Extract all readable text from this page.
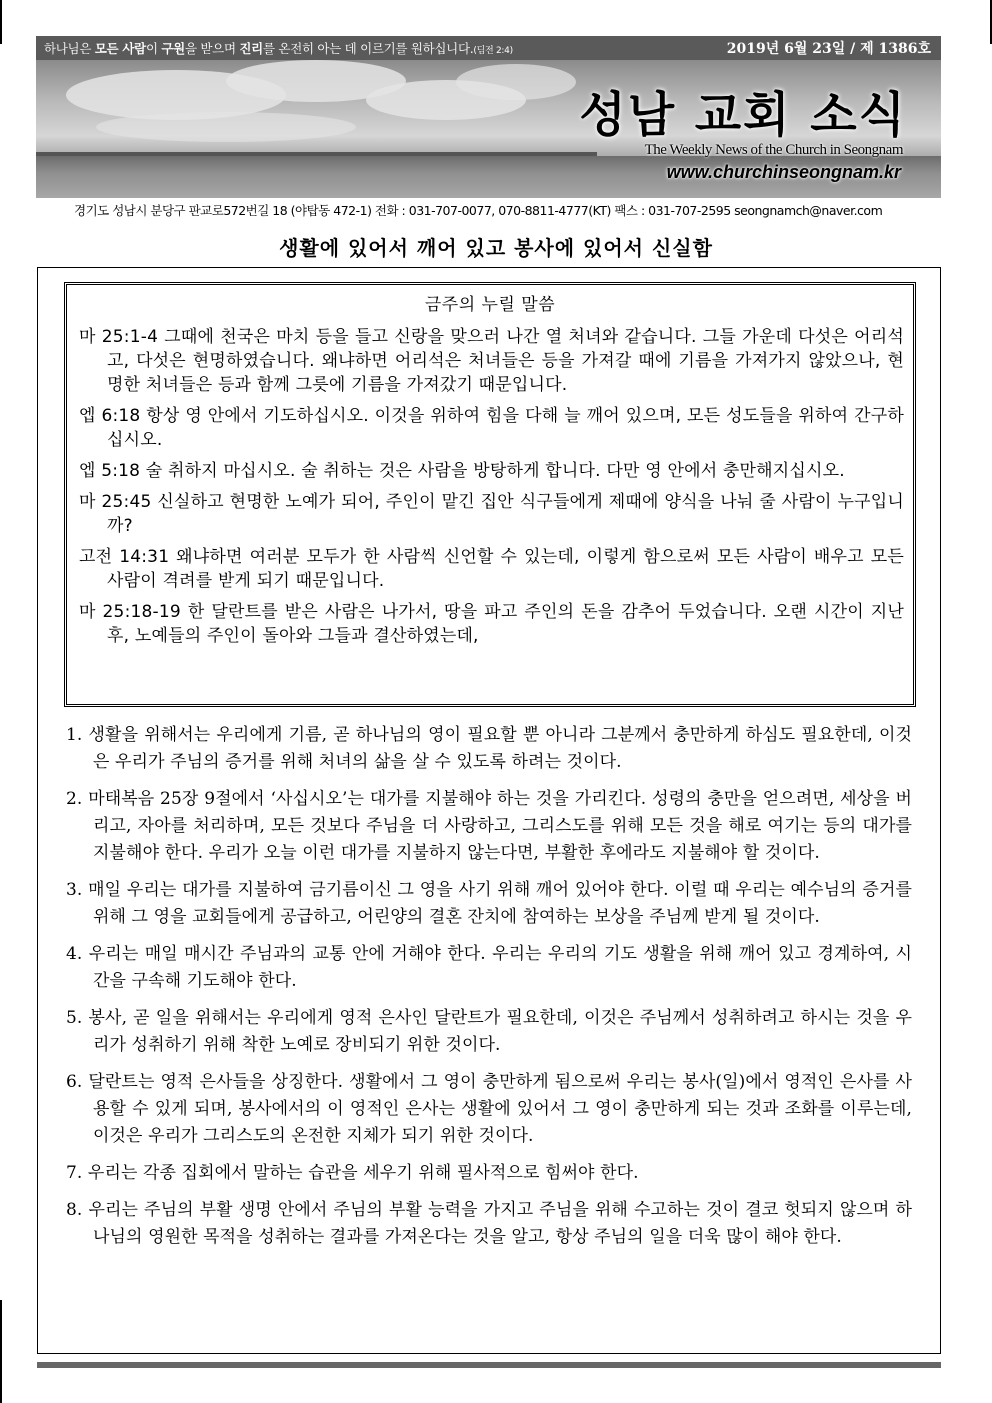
하나님은 모든 사람이 구원을 받으며 진리를 온전히 아는 데 이르기를 원하십니다.(딤전 2:4)	2019년 6월 23일 / 제 1386호
성남 교회 소식
The Weekly News of the Church in Seongnam
www.churchinseongnam.kr
경기도 성남시 분당구 판교로572번길 18 (야탑동 472-1) 전화 : 031-707-0077, 070-8811-4777(KT) 팩스 : 031-707-2595 seongnamch@naver.com
생활에 있어서 깨어 있고 봉사에 있어서 신실함
금주의 누릴 말씀
마 25:1-4 그때에 천국은 마치 등을 들고 신랑을 맞으러 나간 열 처녀와 같습니다. 그들 가운데 다섯은 어리석고, 다섯은 현명하였습니다. 왜냐하면 어리석은 처녀들은 등을 가져갈 때에 기름을 가져가지 않았으나, 현명한 처녀들은 등과 함께 그릇에 기름을 가져갔기 때문입니다.
엡 6:18 항상 영 안에서 기도하십시오. 이것을 위하여 힘을 다해 늘 깨어 있으며, 모든 성도들을 위하여 간구하십시오.
엡 5:18 술 취하지 마십시오. 술 취하는 것은 사람을 방탕하게 합니다. 다만 영 안에서 충만해지십시오.
마 25:45 신실하고 현명한 노예가 되어, 주인이 맡긴 집안 식구들에게 제때에 양식을 나눠 줄 사람이 누구입니까?
고전 14:31 왜냐하면 여러분 모두가 한 사람씩 신언할 수 있는데, 이렇게 함으로써 모든 사람이 배우고 모든 사람이 격려를 받게 되기 때문입니다.
마 25:18-19 한 달란트를 받은 사람은 나가서, 땅을 파고 주인의 돈을 감추어 두었습니다. 오랜 시간이 지난 후, 노예들의 주인이 돌아와 그들과 결산하였는데,
1. 생활을 위해서는 우리에게 기름, 곧 하나님의 영이 필요할 뿐 아니라 그분께서 충만하게 하심도 필요한데, 이것은 우리가 주님의 증거를 위해 처녀의 삶을 살 수 있도록 하려는 것이다.
2. 마태복음 25장 9절에서 ‘사십시오’는 대가를 지불해야 하는 것을 가리킨다. 성령의 충만을 얻으려면, 세상을 버리고, 자아를 처리하며, 모든 것보다 주님을 더 사랑하고, 그리스도를 위해 모든 것을 해로 여기는 등의 대가를 지불해야 한다. 우리가 오늘 이런 대가를 지불하지 않는다면, 부활한 후에라도 지불해야 할 것이다.
3. 매일 우리는 대가를 지불하여 금기름이신 그 영을 사기 위해 깨어 있어야 한다. 이럴 때 우리는 예수님의 증거를 위해 그 영을 교회들에게 공급하고, 어린양의 결혼 잔치에 참여하는 보상을 주님께 받게 될 것이다.
4. 우리는 매일 매시간 주님과의 교통 안에 거해야 한다. 우리는 우리의 기도 생활을 위해 깨어 있고 경계하여, 시간을 구속해 기도해야 한다.
5. 봉사, 곧 일을 위해서는 우리에게 영적 은사인 달란트가 필요한데, 이것은 주님께서 성취하려고 하시는 것을 우리가 성취하기 위해 착한 노예로 장비되기 위한 것이다.
6. 달란트는 영적 은사들을 상징한다. 생활에서 그 영이 충만하게 됨으로써 우리는 봉사(일)에서 영적인 은사를 사용할 수 있게 되며, 봉사에서의 이 영적인 은사는 생활에 있어서 그 영이 충만하게 되는 것과 조화를 이루는데, 이것은 우리가 그리스도의 온전한 지체가 되기 위한 것이다.
7. 우리는 각종 집회에서 말하는 습관을 세우기 위해 필사적으로 힘써야 한다.
8. 우리는 주님의 부활 생명 안에서 주님의 부활 능력을 가지고 주님을 위해 수고하는 것이 결코 헛되지 않으며 하나님의 영원한 목적을 성취하는 결과를 가져온다는 것을 알고, 항상 주님의 일을 더욱 많이 해야 한다.
